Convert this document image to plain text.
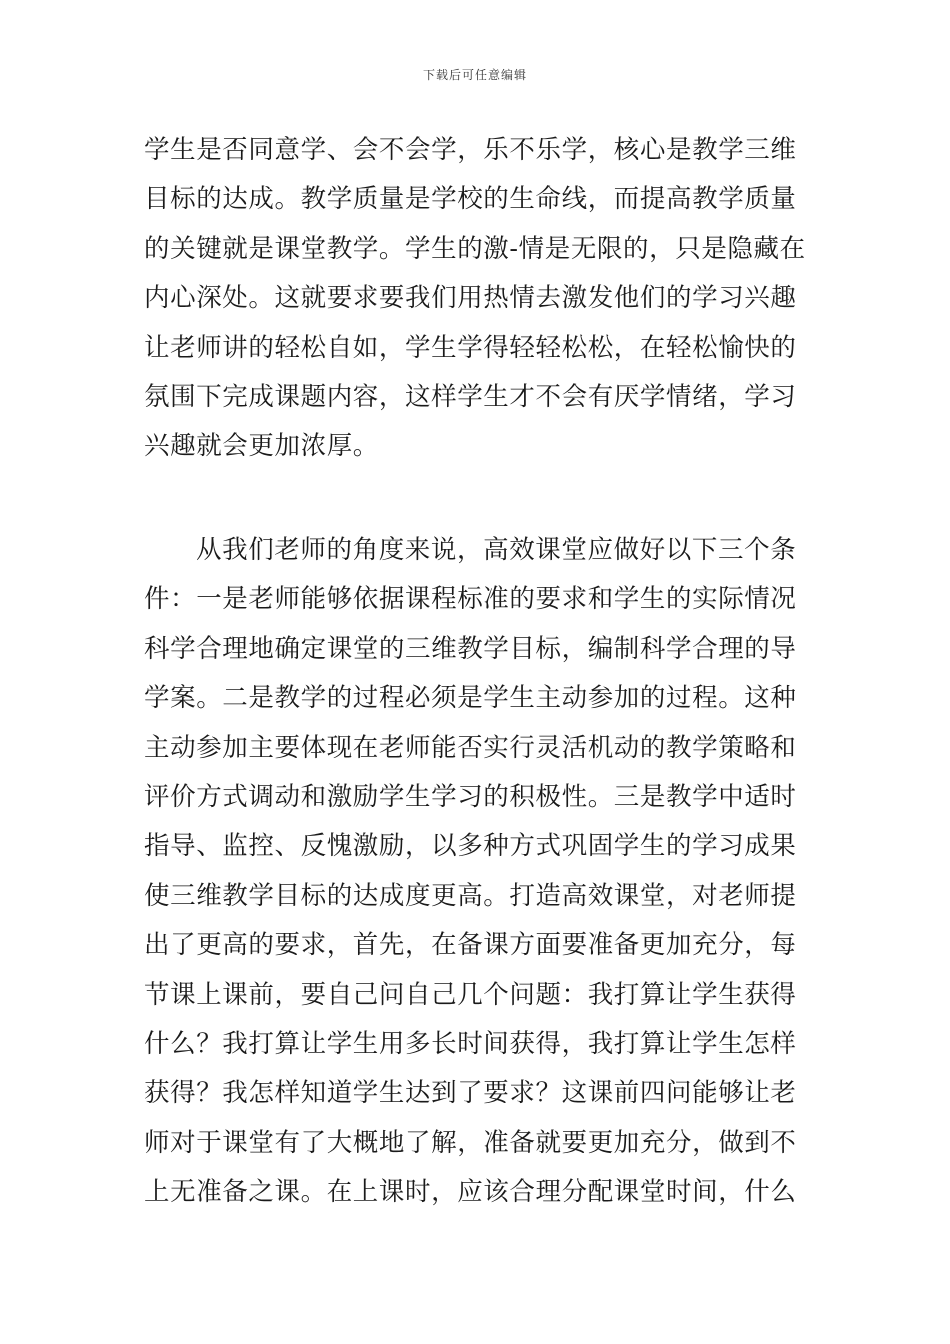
下载后可任意编辑
学生是否同意学、会不会学，乐不乐学，核心是教学三维
目标的达成。教学质量是学校的生命线，而提高教学质量
的关键就是课堂教学。学生的激-情是无限的，只是隐藏在
内心深处。这就要求要我们用热情去激发他们的学习兴趣
让老师讲的轻松自如，学生学得轻轻松松，在轻松愉快的
氛围下完成课题内容，这样学生才不会有厌学情绪，学习
兴趣就会更加浓厚。
从我们老师的角度来说，高效课堂应做好以下三个条
件：一是老师能够依据课程标准的要求和学生的实际情况
科学合理地确定课堂的三维教学目标，编制科学合理的导
学案。二是教学的过程必须是学生主动参加的过程。这种
主动参加主要体现在老师能否实行灵活机动的教学策略和
评价方式调动和激励学生学习的积极性。三是教学中适时
指导、监控、反愧激励，以多种方式巩固学生的学习成果
使三维教学目标的达成度更高。打造高效课堂，对老师提
出了更高的要求，首先，在备课方面要准备更加充分，每
节课上课前，要自己问自己几个问题：我打算让学生获得
什么？我打算让学生用多长时间获得，我打算让学生怎样
获得？我怎样知道学生达到了要求？这课前四问能够让老
师对于课堂有了大概地了解，准备就要更加充分，做到不
上无准备之课。在上课时，应该合理分配课堂时间，什么
